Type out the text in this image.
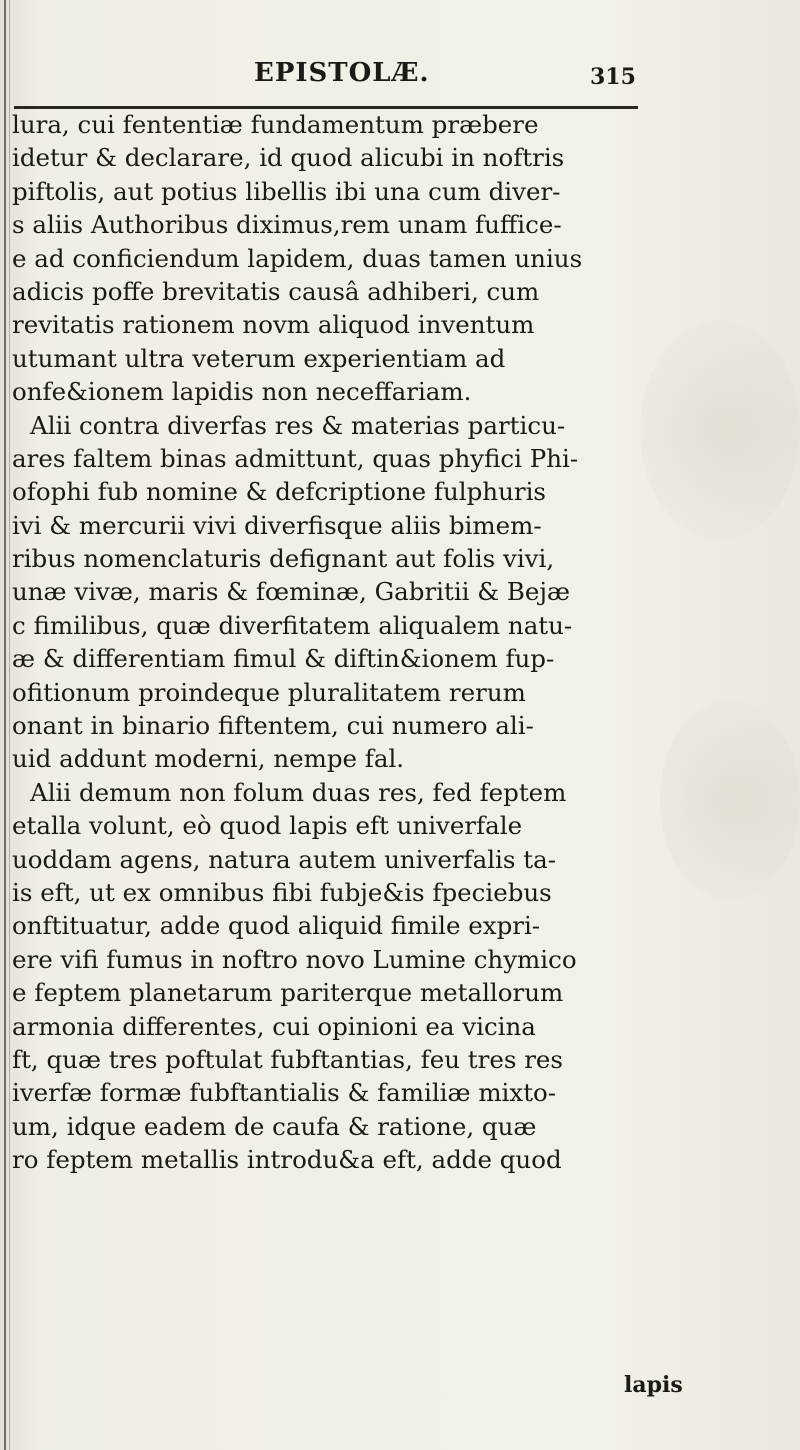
EPISTOLÆ.	315
lura, cui fententiæ fundamentum præbere
idetur & declarare, id quod alicubi in noftris
piftolis, aut potius libellis ibi una cum diver-
s aliis Authoribus diximus,rem unam fuffice-
e ad conficiendum lapidem, duas tamen unius
adicis poffe brevitatis causâ adhiberi, cum
revitatis rationem novm aliquod inventum
utumant ultra veterum experientiam ad
onfe&ionem lapidis non neceffariam.
Alii contra diverfas res & materias particu-
ares faltem binas admittunt, quas phyfici Phi-
ofophi fub nomine & defcriptione fulphuris
ivi & mercurii vivi diverfisque aliis bimem-
ribus nomenclaturis defignant aut folis vivi,
unæ vivæ, maris & fœminæ, Gabritii & Bejæ
c fimilibus, quæ diverfitatem aliqualem natu-
æ & differentiam fimul & diftin&ionem fup-
ofitionum proindeque pluralitatem rerum
onant in binario fiftentem, cui numero ali-
uid addunt moderni, nempe fal.
Alii demum non folum duas res, fed feptem
etalla volunt, eò quod lapis eft univerfale
uoddam agens, natura autem univerfalis ta-
is eft, ut ex omnibus fibi fubje&is fpeciebus
onftituatur, adde quod aliquid fimile expri-
ere vifi fumus in noftro novo Lumine chymico
e feptem planetarum pariterque metallorum
armonia differentes, cui opinioni ea vicina
ft, quæ tres poftulat fubftantias, feu tres res
iverfæ formæ fubftantialis & familiæ mixto-
um, idque eadem de caufa & ratione, quæ
ro feptem metallis introdu&a eft, adde quod
lapis
